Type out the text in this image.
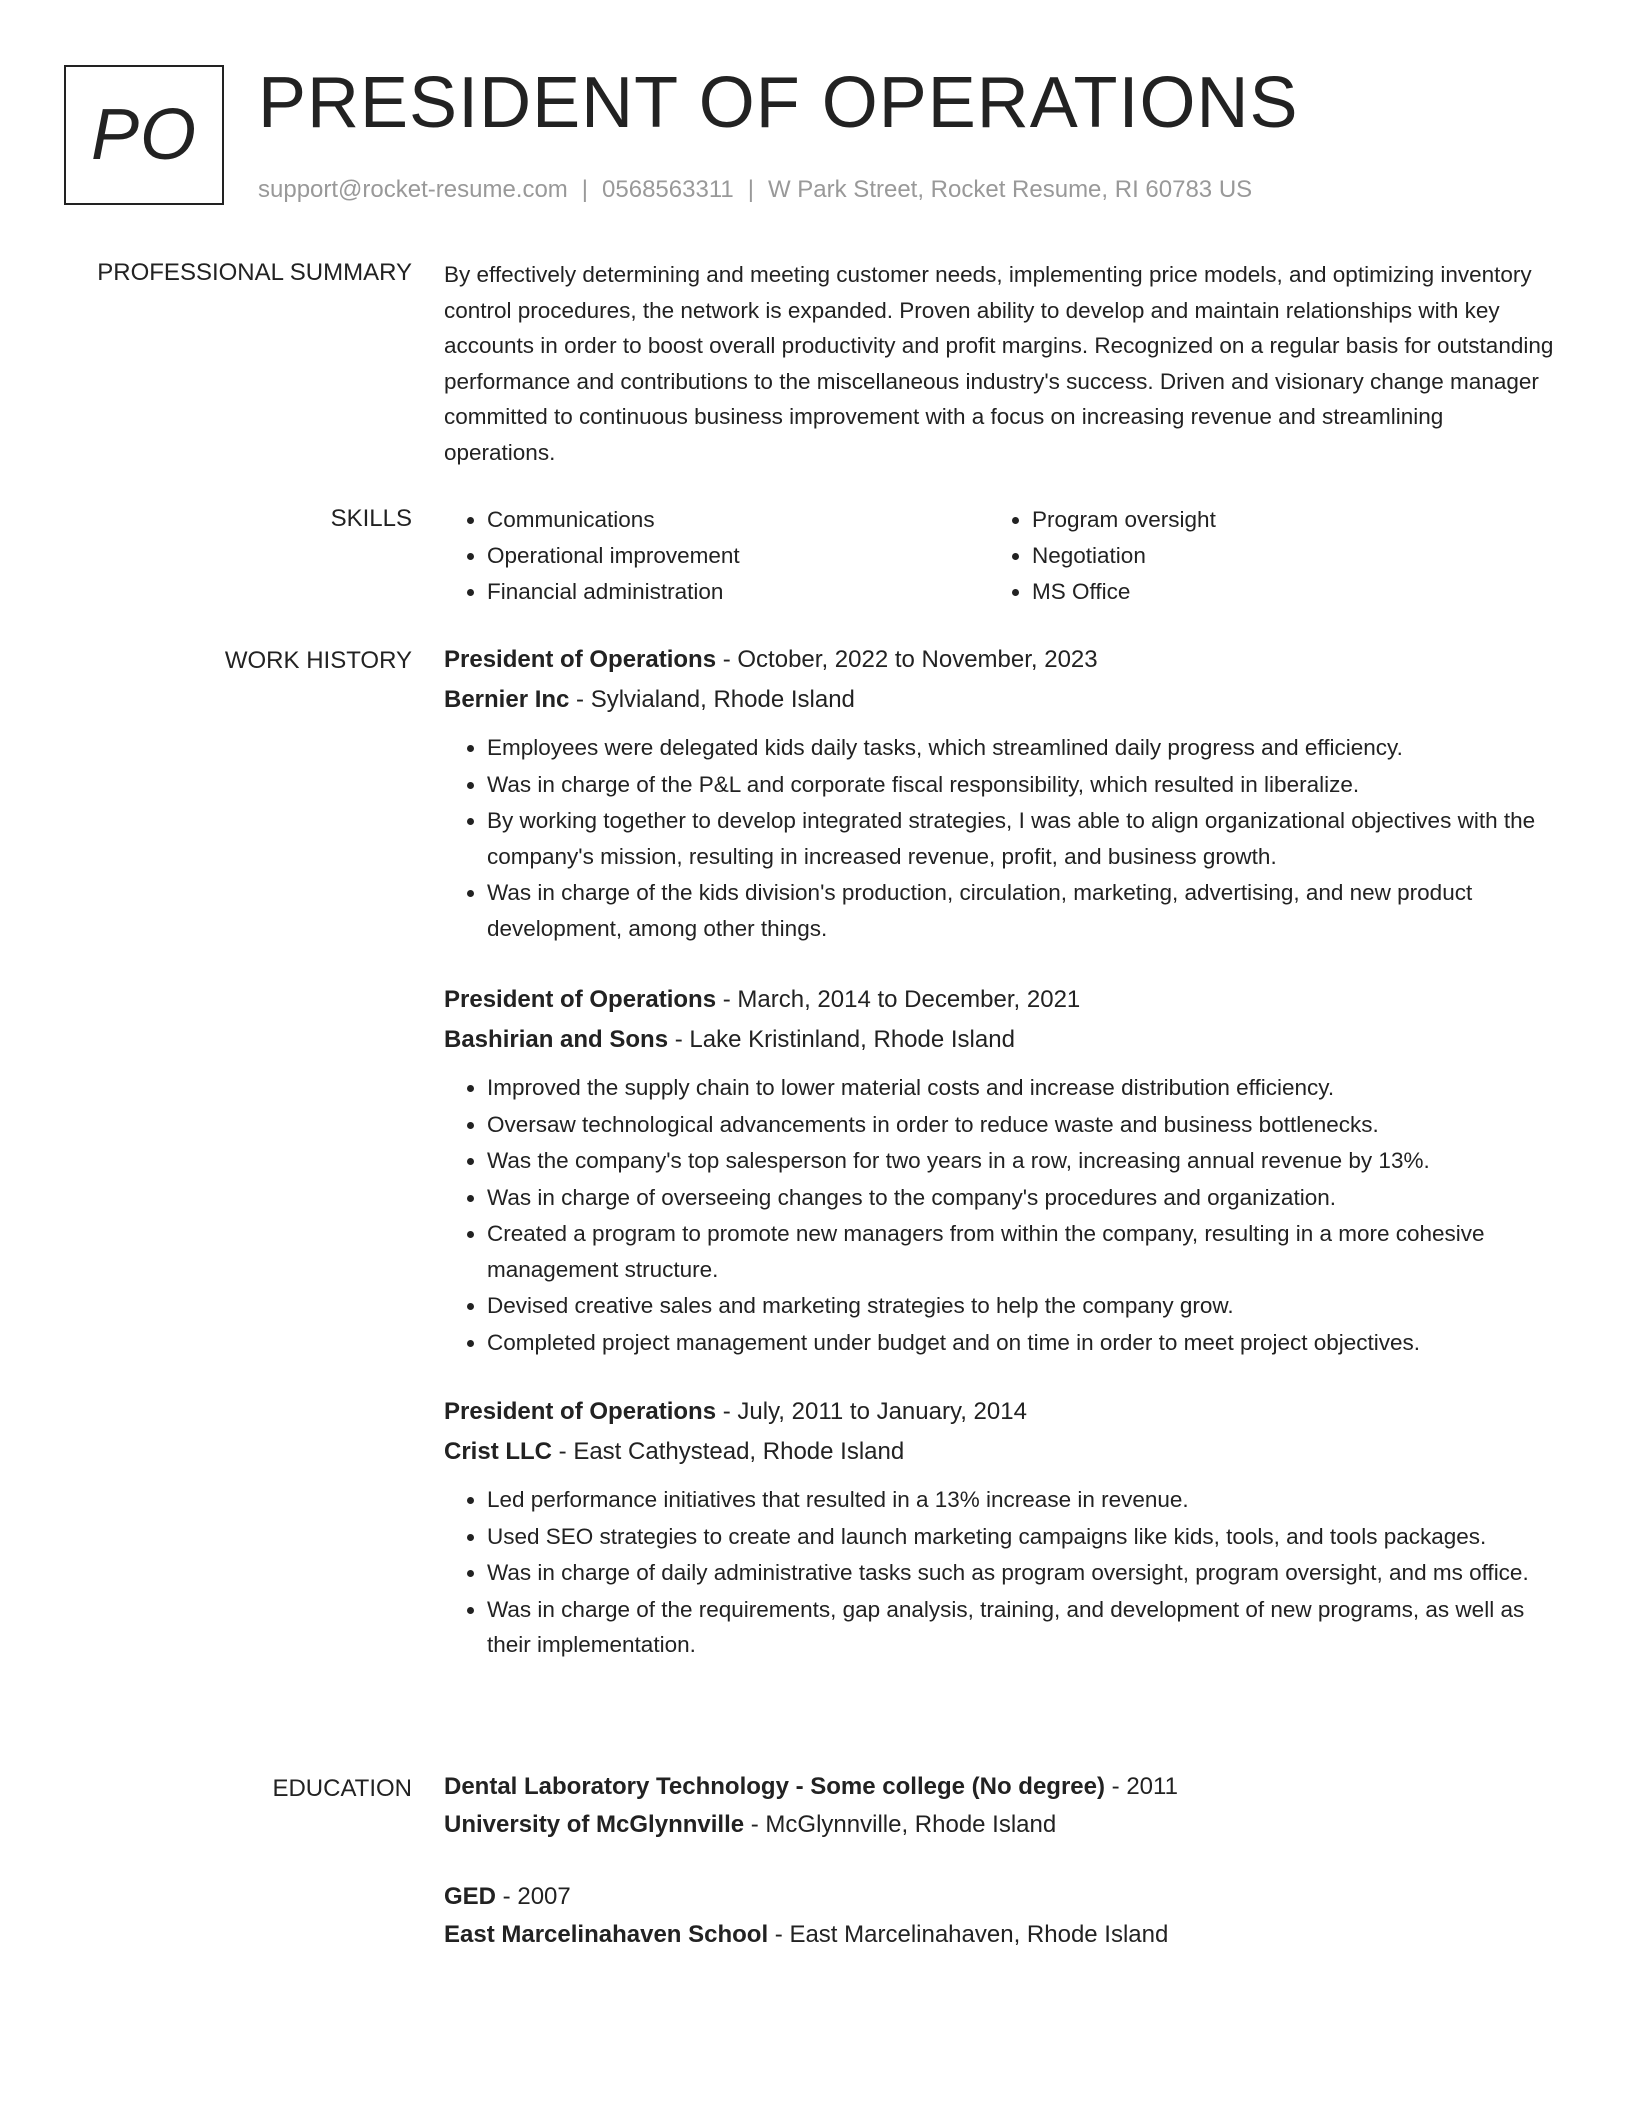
PO PRESIDENT OF OPERATIONS
support@rocket-resume.com | 0568563311 | W Park Street, Rocket Resume, RI 60783 US
PROFESSIONAL SUMMARY By effectively determining and meeting customer needs, implementing price models, and optimizing inventory control procedures, the network is expanded. Proven ability to develop and maintain relationships with key accounts in order to boost overall productivity and profit margins. Recognized on a regular basis for outstanding performance and contributions to the miscellaneous industry's success. Driven and visionary change manager committed to continuous business improvement with a focus on increasing revenue and streamlining operations.

SKILLS
•	Communications
• Operational improvement
• Financial administration
• Program oversight
• Negotiation
• MS Office
WORK HISTORY President of Operations - October, 2022 to November, 2023
Bernier Inc - Sylvialand, Rhode Island
• Employees were delegated kids daily tasks, which streamlined daily progress and efficiency.
• Was in charge of the P&L and corporate fiscal responsibility, which resulted in liberalize.
• By working together to develop integrated strategies, I was able to align organizational objectives with the company's mission, resulting in increased revenue, profit, and business growth.
• Was in charge of the kids division's production, circulation, marketing, advertising, and new product development, among other things.
President of Operations - March, 2014 to December, 2021
Bashirian and Sons - Lake Kristinland, Rhode Island
• Improved the supply chain to lower material costs and increase distribution efficiency.
• Oversaw technological advancements in order to reduce waste and business bottlenecks.
• Was the company's top salesperson for two years in a row, increasing annual revenue by 13%.
• Was in charge of overseeing changes to the company's procedures and organization.
• Created a program to promote new managers from within the company, resulting in a more cohesive management structure.
• Devised creative sales and marketing strategies to help the company grow.
• Completed project management under budget and on time in order to meet project objectives.
President of Operations - July, 2011 to January, 2014
Crist LLC - East Cathystead, Rhode Island
• Led performance initiatives that resulted in a 13% increase in revenue.
• Used SEO strategies to create and launch marketing campaigns like kids, tools, and tools packages.
• Was in charge of daily administrative tasks such as program oversight, program oversight, and ms office.
• Was in charge of the requirements, gap analysis, training, and development of new programs, as well as their implementation.
EDUCATION Dental Laboratory Technology - Some college (No degree) - 2011
University of McGlynnville - McGlynnville, Rhode Island
GED - 2007
East Marcelinahaven School - East Marcelinahaven, Rhode Island
